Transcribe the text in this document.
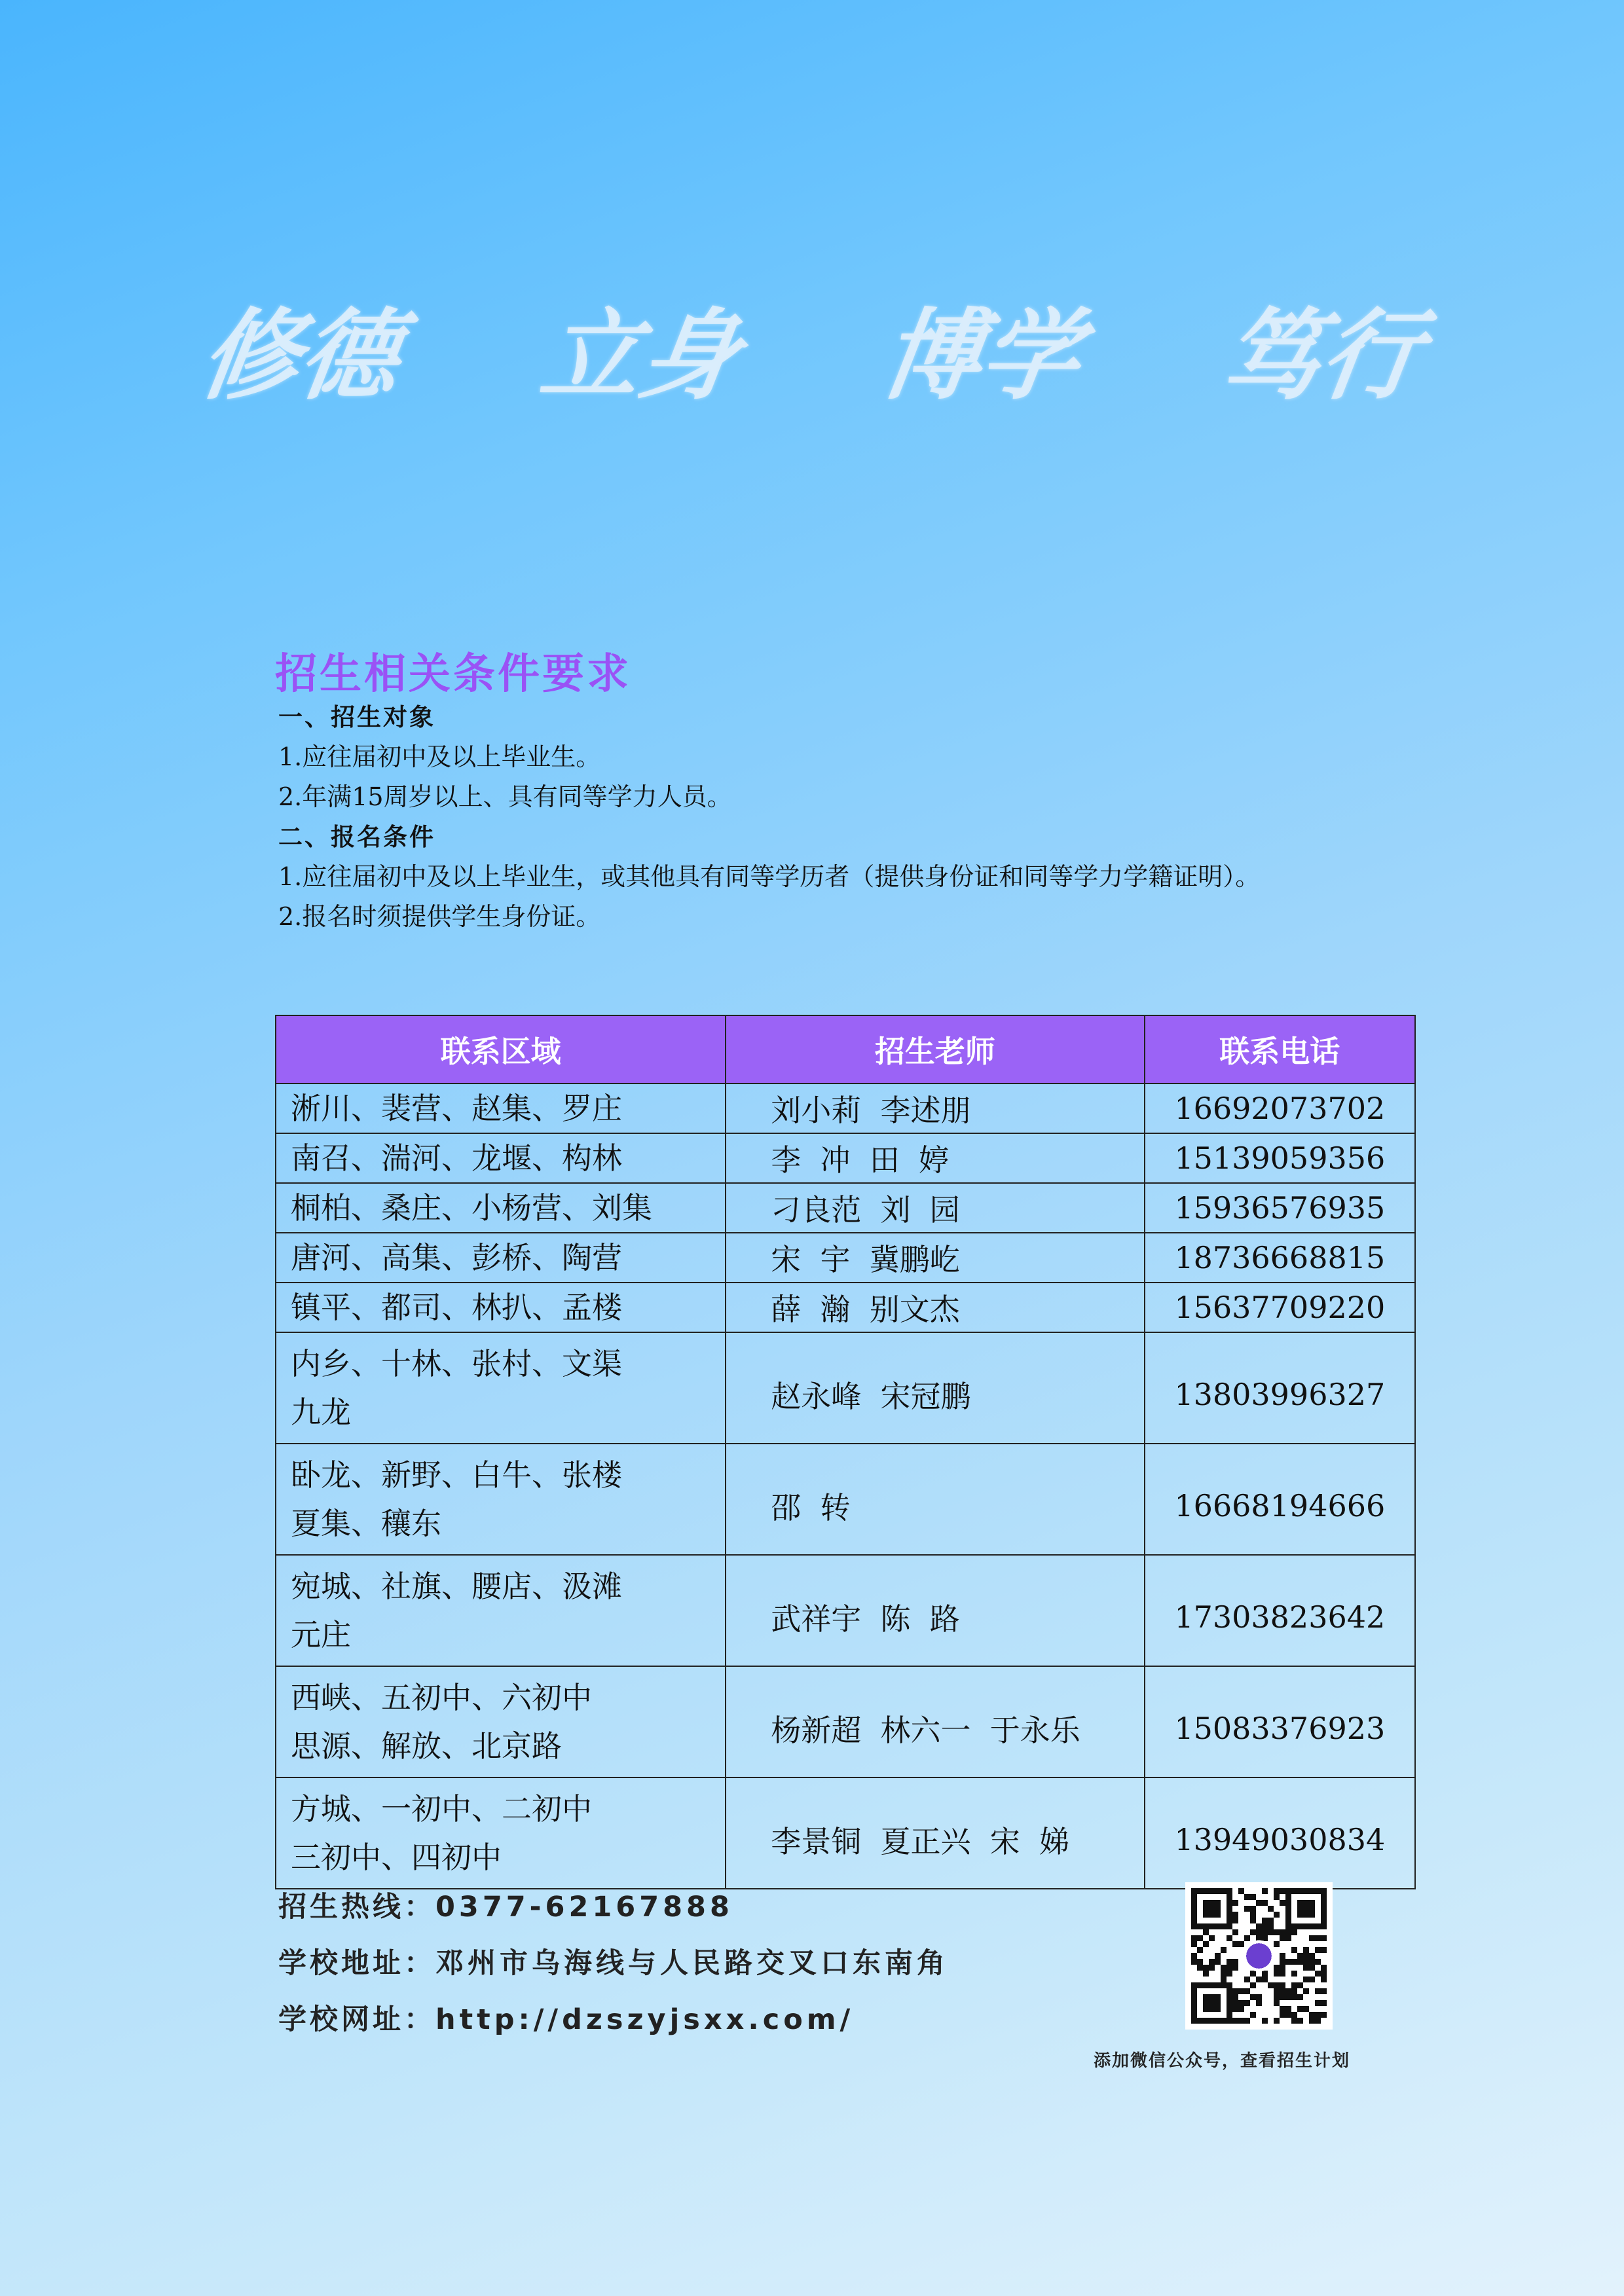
修德 立身 博学 笃行
招生相关条件要求
一、招生对象
1.应往届初中及以上毕业生。
2.年满15周岁以上、具有同等学力人员。
二、报名条件
1.应往届初中及以上毕业生，或其他具有同等学历者（提供身份证和同等学力学籍证明）。
2.报名时须提供学生身份证。
联系区域	招生老师	联系电话

淅川、裴营、赵集、罗庄	刘小莉  李述朋	16692073702

南召、湍河、龙堰、构林	李  冲  田  婷	15139059356

桐柏、桑庄、小杨营、刘集	刁良范  刘  园	15936576935

唐河、高集、彭桥、陶营	宋  宇  冀鹏屹	18736668815

镇平、都司、林扒、孟楼	薛  瀚  别文杰	15637709220

内乡、十林、张村、文渠
九龙	赵永峰  宋冠鹏	13803996327

卧龙、新野、白牛、张楼
夏集、穰东	邵  转	16668194666

宛城、社旗、腰店、汲滩
元庄	武祥宇  陈  路	17303823642

西峡、五初中、六初中
思源、解放、北京路	杨新超  林六一  于永乐	15083376923

方城、一初中、二初中
三初中、四初中	李景铜  夏正兴  宋  娣	13949030834
招生热线：0377-62167888
学校地址：邓州市乌海线与人民路交叉口东南角
学校网址：http://dzszyjsxx.com/
添加微信公众号，查看招生计划
